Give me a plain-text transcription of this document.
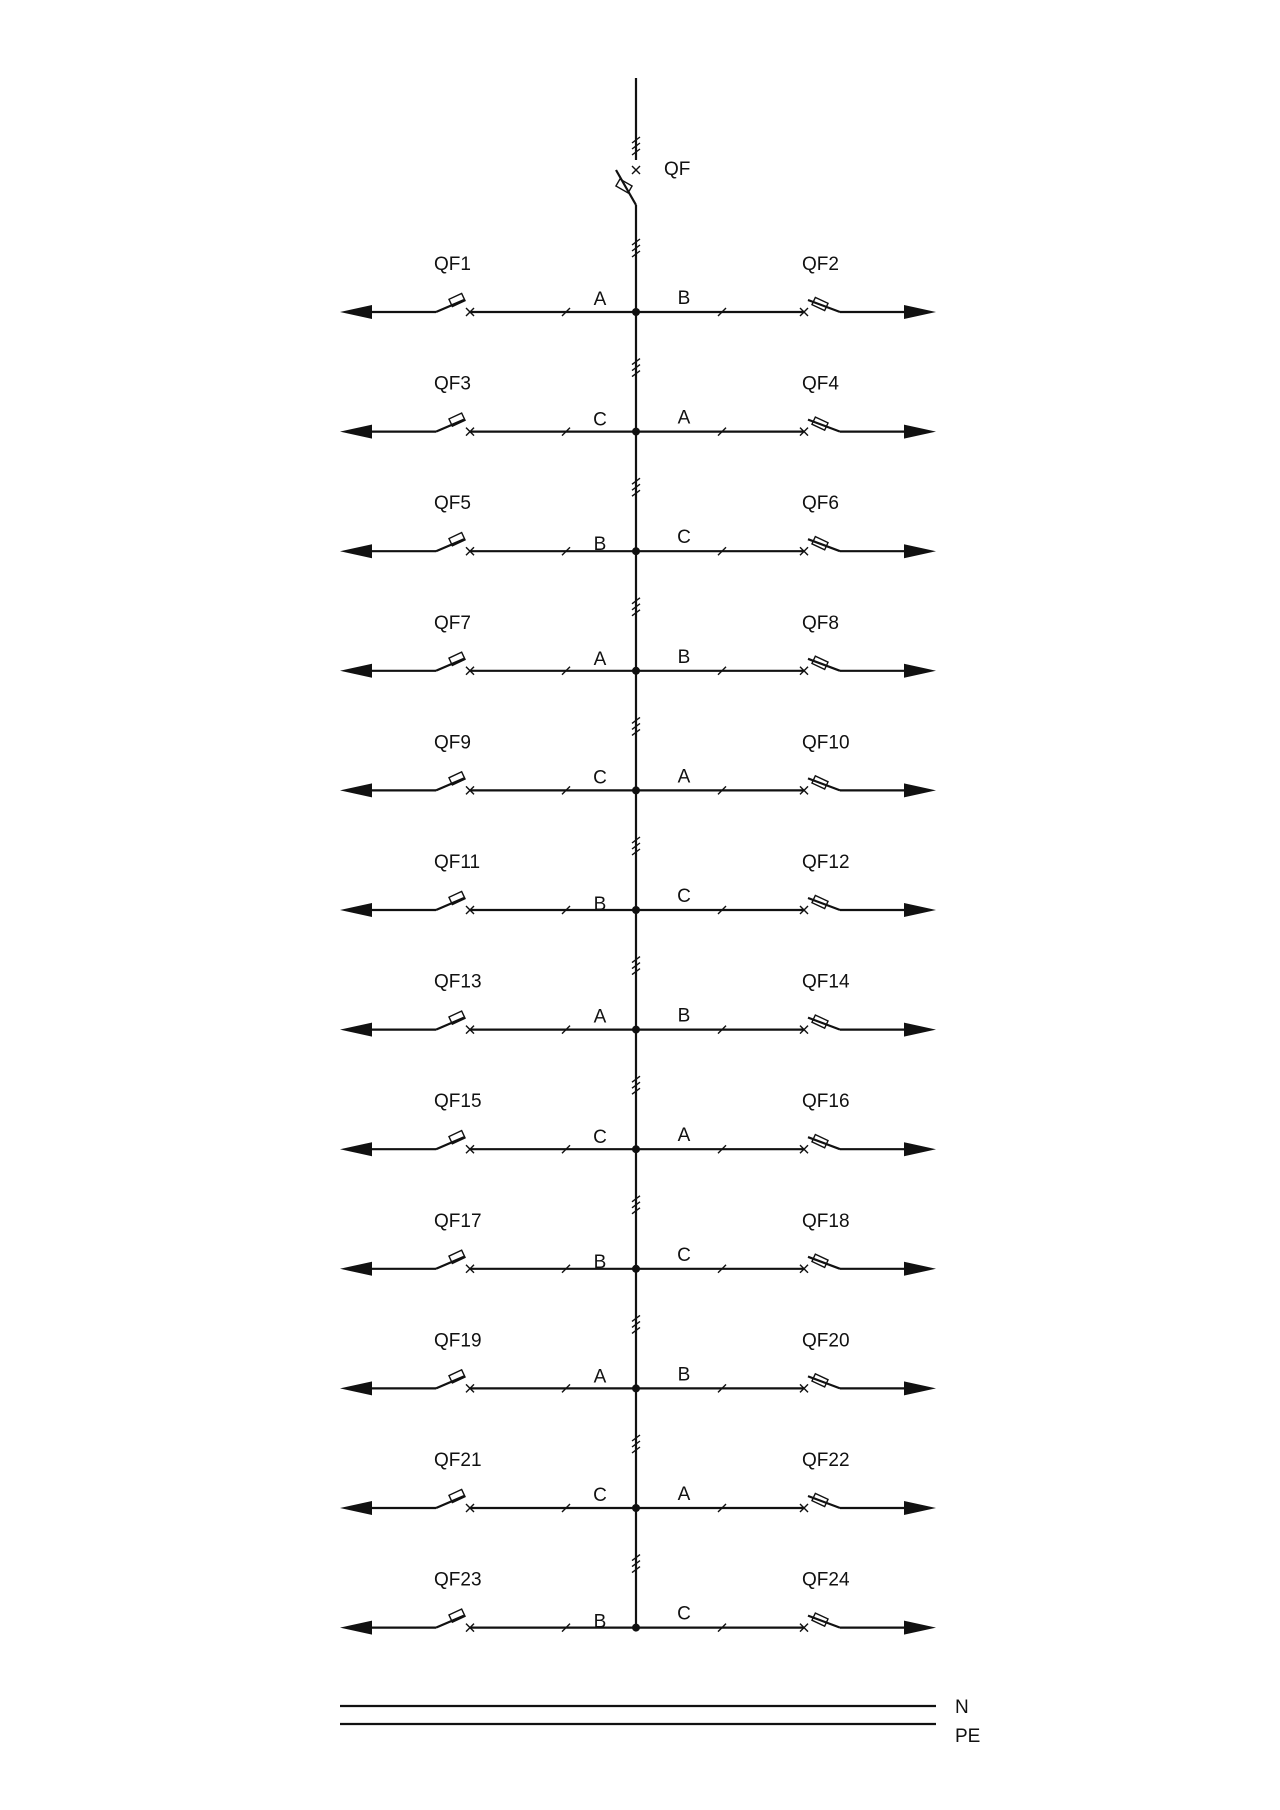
QF
QF1	QF2
A	B
QF3	QF4
C	A
QF5	QF6
B	C
QF7	QF8
A	B
QF9	QF10
C	A
QF11	QF12
B	C
QF13	QF14
A	B
QF15	QF16
C	A
QF17	QF18
B	C
QF19	QF20
A	B
QF21	QF22
C	A
QF23	QF24
B	C
N
PE
